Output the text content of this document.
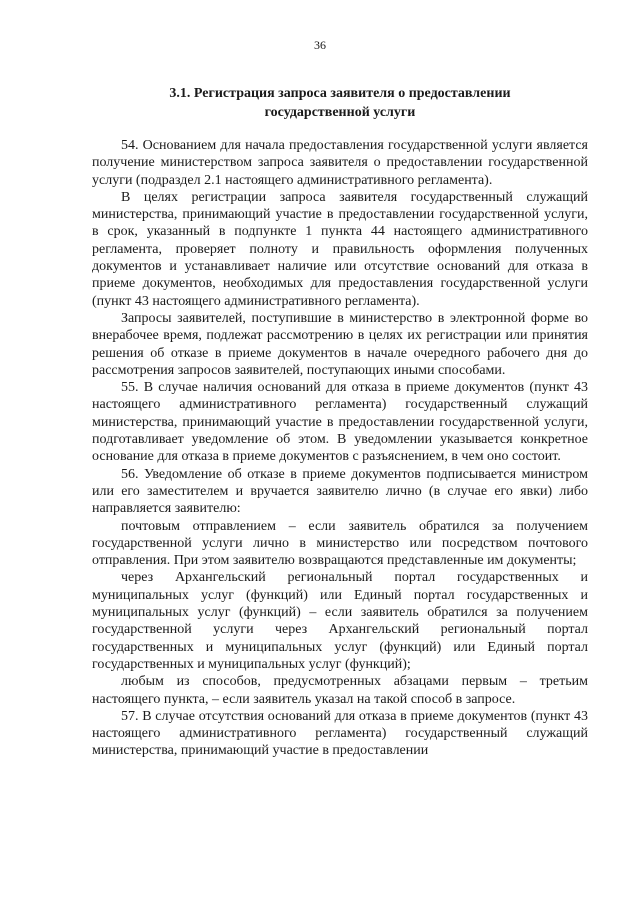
36
3.1. Регистрация запроса заявителя о предоставлении
государственной услуги

54. Основанием для начала предоставления государственной услуги является получение министерством запроса заявителя о предоставлении государственной услуги (подраздел 2.1 настоящего административного регламента).

В целях регистрации запроса заявителя государственный служащий министерства, принимающий участие в предоставлении государственной услуги, в срок, указанный в подпункте 1 пункта 44 настоящего административного регламента, проверяет полноту и правильность оформления полученных документов и устанавливает наличие или отсутствие оснований для отказа в приеме документов, необходимых для предоставления государственной услуги (пункт 43 настоящего административного регламента).

Запросы заявителей, поступившие в министерство в электронной форме во внерабочее время, подлежат рассмотрению в целях их регистрации или принятия решения об отказе в приеме документов в начале очередного рабочего дня до рассмотрения запросов заявителей, поступающих иными способами.

55. В случае наличия оснований для отказа в приеме документов (пункт 43 настоящего административного регламента) государственный служащий министерства, принимающий участие в предоставлении государственной услуги, подготавливает уведомление об этом. В уведомлении указывается конкретное основание для отказа в приеме документов с разъяснением, в чем оно состоит.

56. Уведомление об отказе в приеме документов подписывается министром или его заместителем и вручается заявителю лично (в случае его явки) либо направляется заявителю:

почтовым отправлением – если заявитель обратился за получением государственной услуги лично в министерство или посредством почтового отправления. При этом заявителю возвращаются представленные им документы;

через Архангельский региональный портал государственных и муниципальных услуг (функций) или Единый портал государственных и муниципальных услуг (функций) – если заявитель обратился за получением государственной услуги через Архангельский региональный портал государственных и муниципальных услуг (функций) или Единый портал государственных и муниципальных услуг (функций);

любым из способов, предусмотренных абзацами первым – третьим настоящего пункта, – если заявитель указал на такой способ в запросе.

57. В случае отсутствия оснований для отказа в приеме документов (пункт 43 настоящего административного регламента) государственный служащий министерства, принимающий участие в предоставлении
